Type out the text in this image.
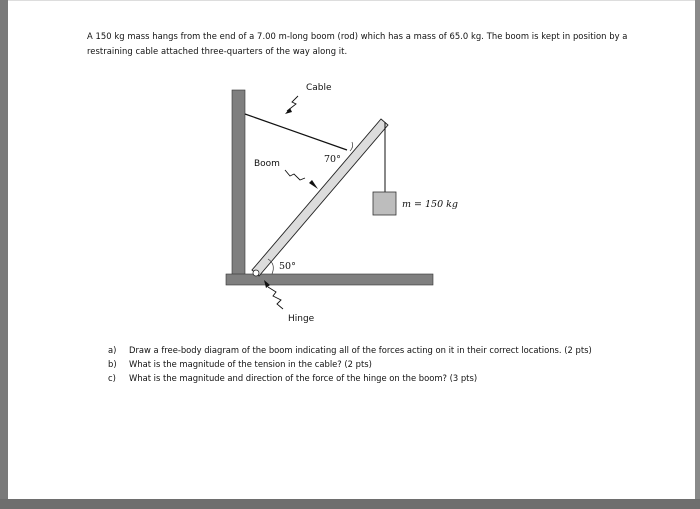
A 150 kg mass hangs from the end of a 7.00 m-long boom (rod) which has a mass of 65.0 kg. The boom is kept in position by a restraining cable attached three-quarters of the way along it.
Cable
Boom
Hinge
70°
50°
m = 150 kg
a) Draw a free-body diagram of the boom indicating all of the forces acting on it in their correct locations. (2 pts)
b) What is the magnitude of the tension in the cable? (2 pts)
c) What is the magnitude and direction of the force of the hinge on the boom? (3 pts)
